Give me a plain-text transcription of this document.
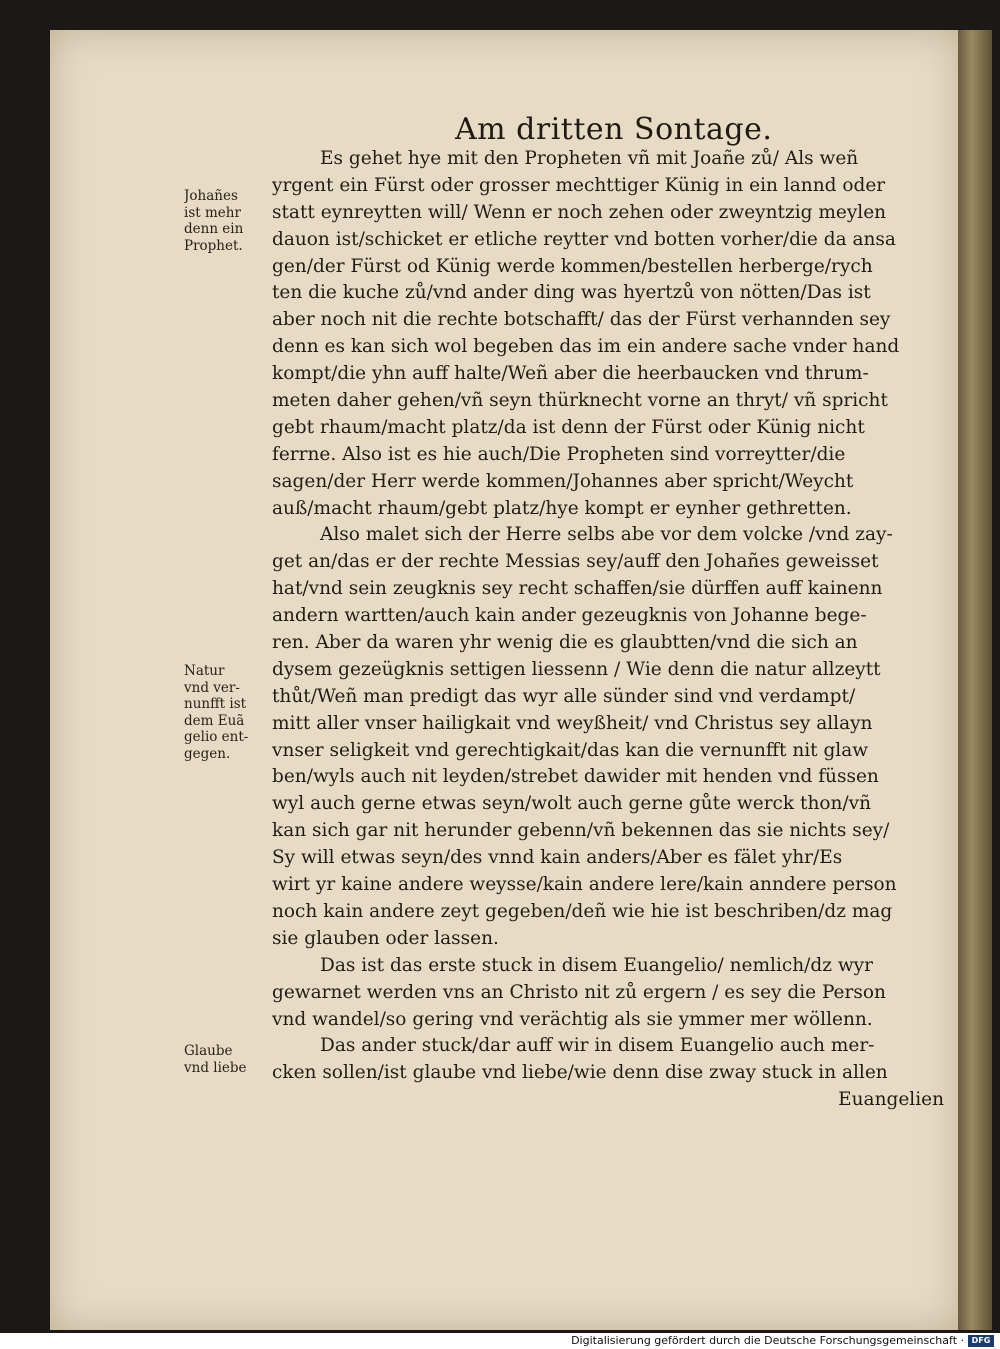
Am dritten Sontage.
Es gehet hye mit den Propheten vñ mit Joañe zů/ Als weñ
yrgent ein Fürst oder grosser mechttiger Künig in ein lannd oder
statt eynreytten will/ Wenn er noch zehen oder zweyntzig meylen
dauon ist/schicket er etliche reytter vnd botten vorher/die da ansa
gen/der Fürst od Künig werde kommen/bestellen herberge/rych
ten die kuche zů/vnd ander ding was hyertzů von nötten/Das ist
aber noch nit die rechte botschafft/ das der Fürst verhannden sey
denn es kan sich wol begeben das im ein andere sache vnder hand
kompt/die yhn auff halte/Weñ aber die heerbaucken vnd thrum-
meten daher gehen/vñ seyn thürknecht vorne an thryt/ vñ spricht
gebt rhaum/macht platz/da ist denn der Fürst oder Künig nicht
ferrne. Also ist es hie auch/Die Propheten sind vorreytter/die
sagen/der Herr werde kommen/Johannes aber spricht/Weycht
auß/macht rhaum/gebt platz/hye kompt er eynher gethretten.
Also malet sich der Herre selbs abe vor dem volcke /vnd zay-
get an/das er der rechte Messias sey/auff den Johañes geweisset
hat/vnd sein zeugknis sey recht schaffen/sie dürffen auff kainenn
andern wartten/auch kain ander gezeugknis von Johanne bege-
ren. Aber da waren yhr wenig die es glaubtten/vnd die sich an
dysem gezeügknis settigen liessenn / Wie denn die natur allzeytt
thůt/Weñ man predigt das wyr alle sünder sind vnd verdampt/
mitt aller vnser hailigkait vnd weyßheit/ vnd Christus sey allayn
vnser seligkeit vnd gerechtigkait/das kan die vernunfft nit glaw
ben/wyls auch nit leyden/strebet dawider mit henden vnd füssen
wyl auch gerne etwas seyn/wolt auch gerne gůte werck thon/vñ
kan sich gar nit herunder gebenn/vñ bekennen das sie nichts sey/
Sy will etwas seyn/des vnnd kain anders/Aber es fälet yhr/Es
wirt yr kaine andere weysse/kain andere lere/kain anndere person
noch kain andere zeyt gegeben/deñ wie hie ist beschriben/dz mag
sie glauben oder lassen.
Das ist das erste stuck in disem Euangelio/ nemlich/dz wyr
gewarnet werden vns an Christo nit zů ergern / es sey die Person
vnd wandel/so gering vnd verächtig als sie ymmer mer wöllenn.
Das ander stuck/dar auff wir in disem Euangelio auch mer-
cken sollen/ist glaube vnd liebe/wie denn dise zway stuck in allen
Euangelien
Johañes
ist mehr
denn ein
Prophet.
Natur
vnd ver-
nunfft ist
dem Euã
gelio ent-
gegen.
Glaube
vnd liebe
Digitalisierung gefördert durch die Deutsche Forschungsgemeinschaft · DFG
